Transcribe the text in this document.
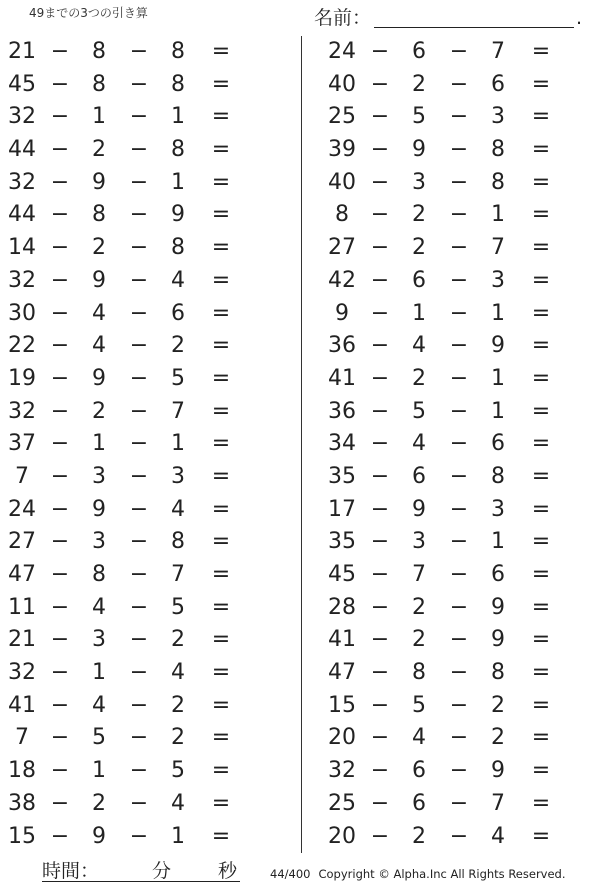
49までの3つの引き算	名前：	.
21 − 8 − 8 =
45 − 8 − 8 =
32 − 1 − 1 =
44 − 2 − 8 =
32 − 9 − 1 =
44 − 8 − 9 =
14 − 2 − 8 =
32 − 9 − 4 =
30 − 4 − 6 =
22 − 4 − 2 =
19 − 9 − 5 =
32 − 2 − 7 =
37 − 1 − 1 =
7 − 3 − 3 =
24 − 9 − 4 =
27 − 3 − 8 =
47 − 8 − 7 =
11 − 4 − 5 =
21 − 3 − 2 =
32 − 1 − 4 =
41 − 4 − 2 =
7 − 5 − 2 =
18 − 1 − 5 =
38 − 2 − 4 =
15 − 9 − 1 =
24 − 6 − 7 =
40 − 2 − 6 =
25 − 5 − 3 =
39 − 9 − 8 =
40 − 3 − 8 =
8 − 2 − 1 =
27 − 2 − 7 =
42 − 6 − 3 =
9 − 1 − 1 =
36 − 4 − 9 =
41 − 2 − 1 =
36 − 5 − 1 =
34 − 4 − 6 =
35 − 6 − 8 =
17 − 9 − 3 =
35 − 3 − 1 =
45 − 7 − 6 =
28 − 2 − 9 =
41 − 2 − 9 =
47 − 8 − 8 =
15 − 5 − 2 =
20 − 4 − 2 =
32 − 6 − 9 =
25 − 6 − 7 =
20 − 2 − 4 =
時間：	分 秒	44/400 Copyright © Alpha.Inc All Rights Reserved.
